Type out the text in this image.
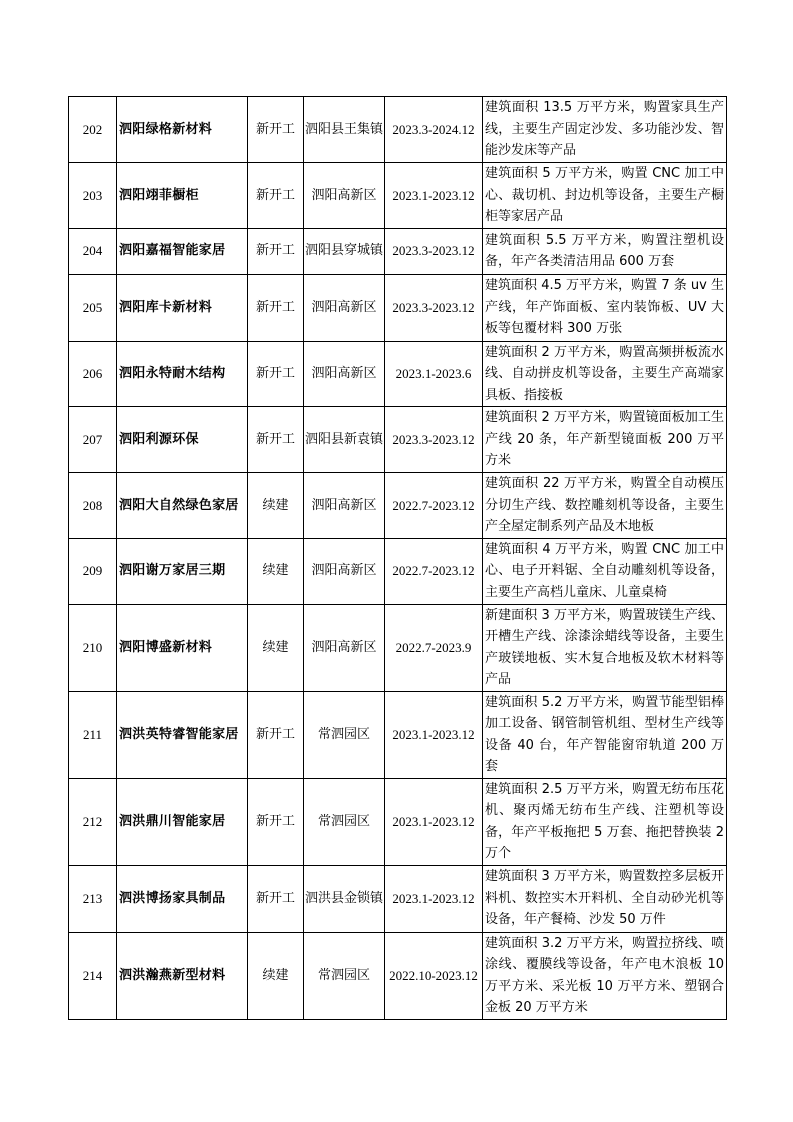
202	泗阳绿格新材料	新开工	泗阳县王集镇	2023.3-2024.12	建筑面积 13.5 万平方米，购置家具生产线，主要生产固定沙发、多功能沙发、智能沙发床等产品
203	泗阳翊菲橱柜	新开工	泗阳高新区	2023.1-2023.12	建筑面积 5 万平方米，购置 CNC 加工中心、裁切机、封边机等设备，主要生产橱柜等家居产品
204	泗阳嘉福智能家居	新开工	泗阳县穿城镇	2023.3-2023.12	建筑面积 5.5 万平方米，购置注塑机设备，年产各类清洁用品 600 万套
205	泗阳库卡新材料	新开工	泗阳高新区	2023.3-2023.12	建筑面积 4.5 万平方米，购置 7 条 uv 生产线，年产饰面板、室内装饰板、UV 大板等包覆材料 300 万张
206	泗阳永特耐木结构	新开工	泗阳高新区	2023.1-2023.6	建筑面积 2 万平方米，购置高频拼板流水线、自动拼皮机等设备，主要生产高端家具板、指接板
207	泗阳利源环保	新开工	泗阳县新袁镇	2023.3-2023.12	建筑面积 2 万平方米，购置镜面板加工生产线 20 条，年产新型镜面板 200 万平方米
208	泗阳大自然绿色家居	续建	泗阳高新区	2022.7-2023.12	建筑面积 22 万平方米，购置全自动模压分切生产线、数控雕刻机等设备，主要生产全屋定制系列产品及木地板
209	泗阳谢万家居三期	续建	泗阳高新区	2022.7-2023.12	建筑面积 4 万平方米，购置 CNC 加工中心、电子开料锯、全自动雕刻机等设备，主要生产高档儿童床、儿童桌椅
210	泗阳博盛新材料	续建	泗阳高新区	2022.7-2023.9	新建面积 3 万平方米，购置玻镁生产线、开槽生产线、涂漆涂蜡线等设备，主要生产玻镁地板、实木复合地板及软木材料等产品
211	泗洪英特睿智能家居	新开工	常泗园区	2023.1-2023.12	建筑面积 5.2 万平方米，购置节能型铝棒加工设备、钢管制管机组、型材生产线等设备 40 台，年产智能窗帘轨道 200 万套
212	泗洪鼎川智能家居	新开工	常泗园区	2023.1-2023.12	建筑面积 2.5 万平方米，购置无纺布压花机、聚丙烯无纺布生产线、注塑机等设备，年产平板拖把 5 万套、拖把替换装 2 万个
213	泗洪博扬家具制品	新开工	泗洪县金锁镇	2023.1-2023.12	建筑面积 3 万平方米，购置数控多层板开料机、数控实木开料机、全自动砂光机等设备，年产餐椅、沙发 50 万件
214	泗洪瀚燕新型材料	续建	常泗园区	2022.10-2023.12	建筑面积 3.2 万平方米，购置拉挤线、喷涂线、覆膜线等设备，年产电木浪板 10 万平方米、采光板 10 万平方米、塑钢合金板 20 万平方米
